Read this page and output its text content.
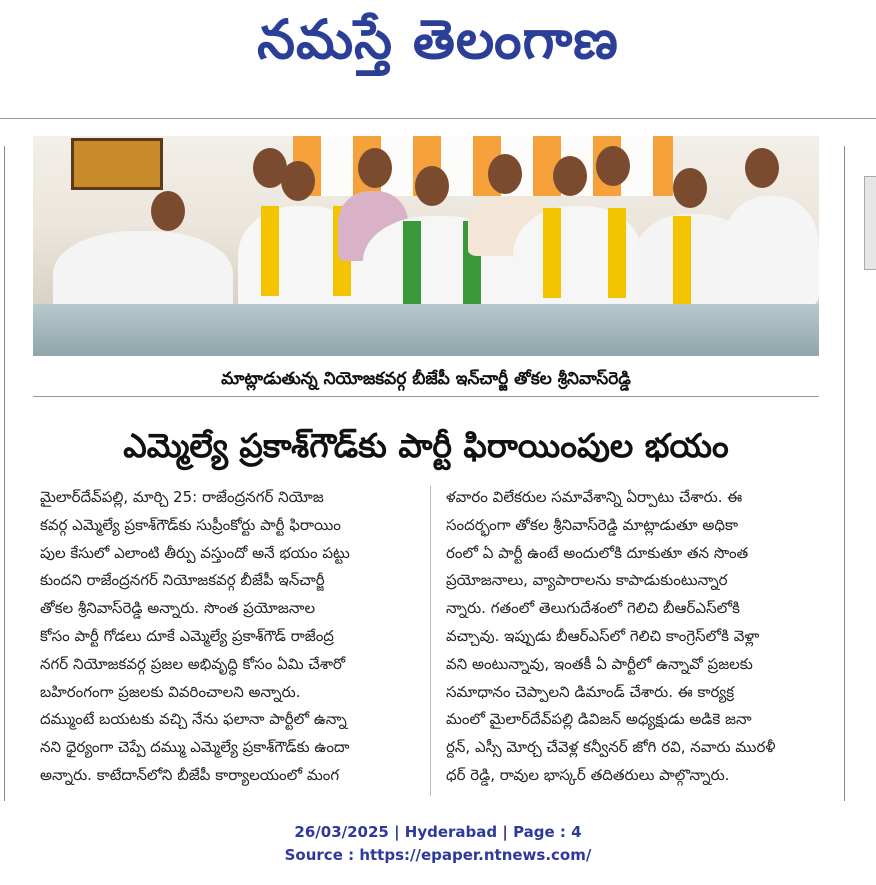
నమస్తే తెలంగాణ
మాట్లాడుతున్న నియోజకవర్గ బీజేపీ ఇన్‌చార్జీ తోకల శ్రీనివాస్‌రెడ్డి
ఎమ్మెల్యే ప్రకాశ్‌గౌడ్‌కు పార్టీ ఫిరాయింపుల భయం
మైలార్‌దేవ్‌పల్లి, మార్చి 25: రాజేంద్రనగర్ నియోజ
కవర్గ ఎమ్మెల్యే ప్రకాశ్‌గౌడ్‌కు సుప్రీంకోర్టు పార్టీ ఫిరాయిం
పుల కేసులో ఎలాంటి తీర్పు వస్తుందో అనే భయం పట్టు
కుందని రాజేంద్రనగర్ నియోజకవర్గ బీజేపీ ఇన్‌చార్జీ
తోకల శ్రీనివాస్‌రెడ్డి అన్నారు. సొంత ప్రయోజనాల
కోసం పార్టీ గోడలు దూకే ఎమ్మెల్యే ప్రకాశ్‌గౌడ్ రాజేంద్ర
నగర్ నియోజకవర్గ ప్రజల అభివృద్ధి కోసం ఏమి చేశారో
బహిరంగంగా ప్రజలకు వివరించాలని అన్నారు.
దమ్ముంటే బయటకు వచ్చి నేను ఫలానా పార్టీలో ఉన్నా
నని ధైర్యంగా చెప్పే దమ్ము ఎమ్మెల్యే ప్రకాశ్‌గౌడ్‌కు ఉందా
అన్నారు. కాటేదాన్‌లోని బీజేపీ కార్యాలయంలో మంగ
ళవారం విలేకరుల సమావేశాన్ని ఏర్పాటు చేశారు. ఈ
సందర్భంగా తోకల శ్రీనివాస్‌రెడ్డి మాట్లాడుతూ అధికా
రంలో ఏ పార్టీ ఉంటే అందులోకి దూకుతూ తన సొంత
ప్రయోజనాలు, వ్యాపారాలను కాపాడుకుంటున్నార
న్నారు. గతంలో తెలుగుదేశంలో గెలిచి బీఆర్‌ఎస్‌లోకి
వచ్చావు. ఇప్పుడు బీఆర్‌ఎస్‌లో గెలిచి కాంగ్రెస్‌లోకి వెళ్లా
వని అంటున్నావు, ఇంతకీ ఏ పార్టీలో ఉన్నావో ప్రజలకు
సమాధానం చెప్పాలని డిమాండ్ చేశారు. ఈ కార్యక్ర
మంలో మైలార్‌దేవ్‌పల్లి డివిజన్ అధ్యక్షుడు అడికె జనా
ర్దన్, ఎస్సీ మోర్చ చేవెళ్ల కన్వీనర్ జోగి రవి, నవారు మురళీ
ధర్ రెడ్డి, రావుల భాస్కర్ తదితరులు పాల్గొన్నారు.
26/03/2025 | Hyderabad | Page : 4
Source : https://epaper.ntnews.com/
